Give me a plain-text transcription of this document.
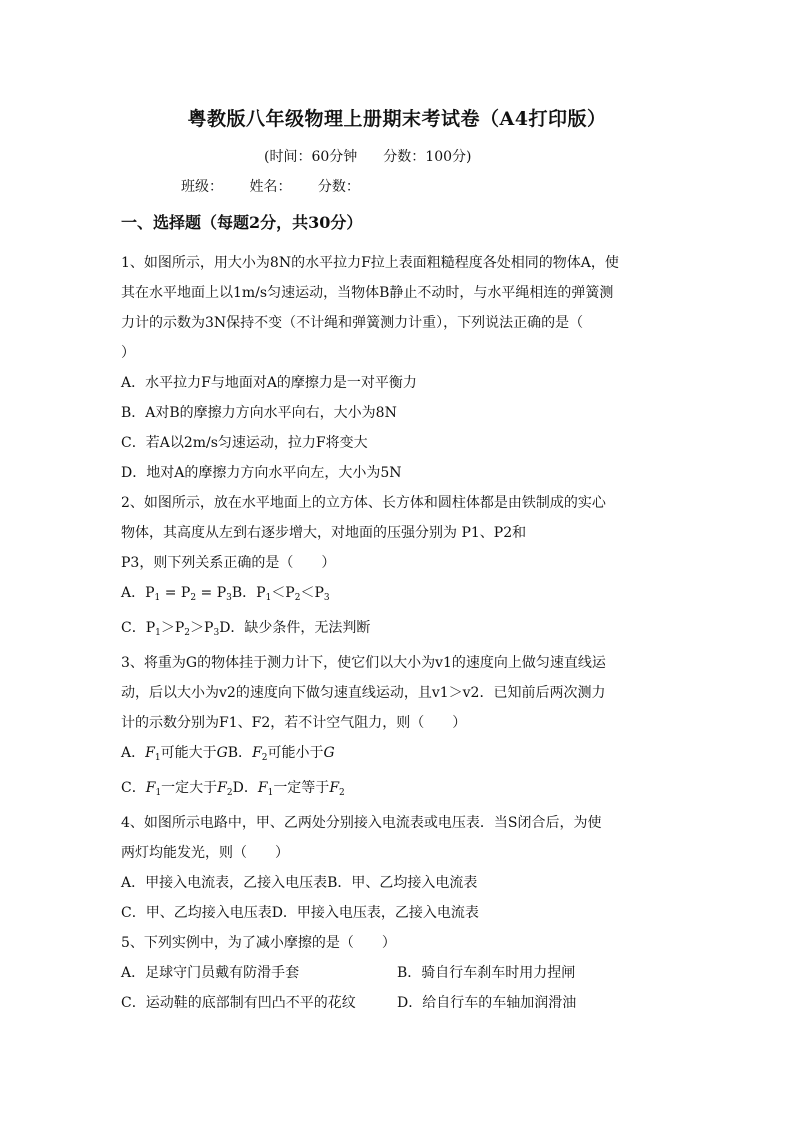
粤教版八年级物理上册期末考试卷（A4打印版）
(时间：60分钟 分数：100分)
班级： 姓名： 分数：
一、选择题（每题2分，共30分）

1、如图所示，用大小为8N的水平拉力F拉上表面粗糙程度各处相同的物体A，使

其在水平地面上以1m/s匀速运动，当物体B静止不动时，与水平绳相连的弹簧测

力计的示数为3N保持不变（不计绳和弹簧测力计重），下列说法正确的是（

）

A．水平拉力F与地面对A的摩擦力是一对平衡力

B．A对B的摩擦力方向水平向右，大小为8N

C．若A以2m/s匀速运动，拉力F将变大

D．地对A的摩擦力方向水平向左，大小为5N

2、如图所示，放在水平地面上的立方体、长方体和圆柱体都是由铁制成的实心

物体，其高度从左到右逐步增大，对地面的压强分别为 P1、P2和

P3，则下列关系正确的是（　　）

A．$P_1 = P_2 = P_3B$．$P_1<P_2<P_3$

C．$P_1>P_2>P_3D$．缺少条件，无法判断

3、将重为G的物体挂于测力计下，使它们以大小为v1的速度向上做匀速直线运

动，后以大小为v2的速度向下做匀速直线运动，且v1＞v2．已知前后两次测力

计的示数分别为F1、F2，若不计空气阻力，则（　　）

A．$F_1$可能大于GB．$F_2$可能小于G

C．$F_1$一定大于$F_2D$．$F_1$一定等于$F_2$

4、如图所示电路中，甲、乙两处分别接入电流表或电压表．当S闭合后，为使

两灯均能发光，则（　　）

A．甲接入电流表，乙接入电压表B．甲、乙均接入电流表

C．甲、乙均接入电压表D．甲接入电压表，乙接入电流表

5、下列实例中，为了减小摩擦的是（　　）

A．足球守门员戴有防滑手套	B．骑自行车刹车时用力捏闸
C．运动鞋的底部制有凹凸不平的花纹	D．给自行车的车轴加润滑油
